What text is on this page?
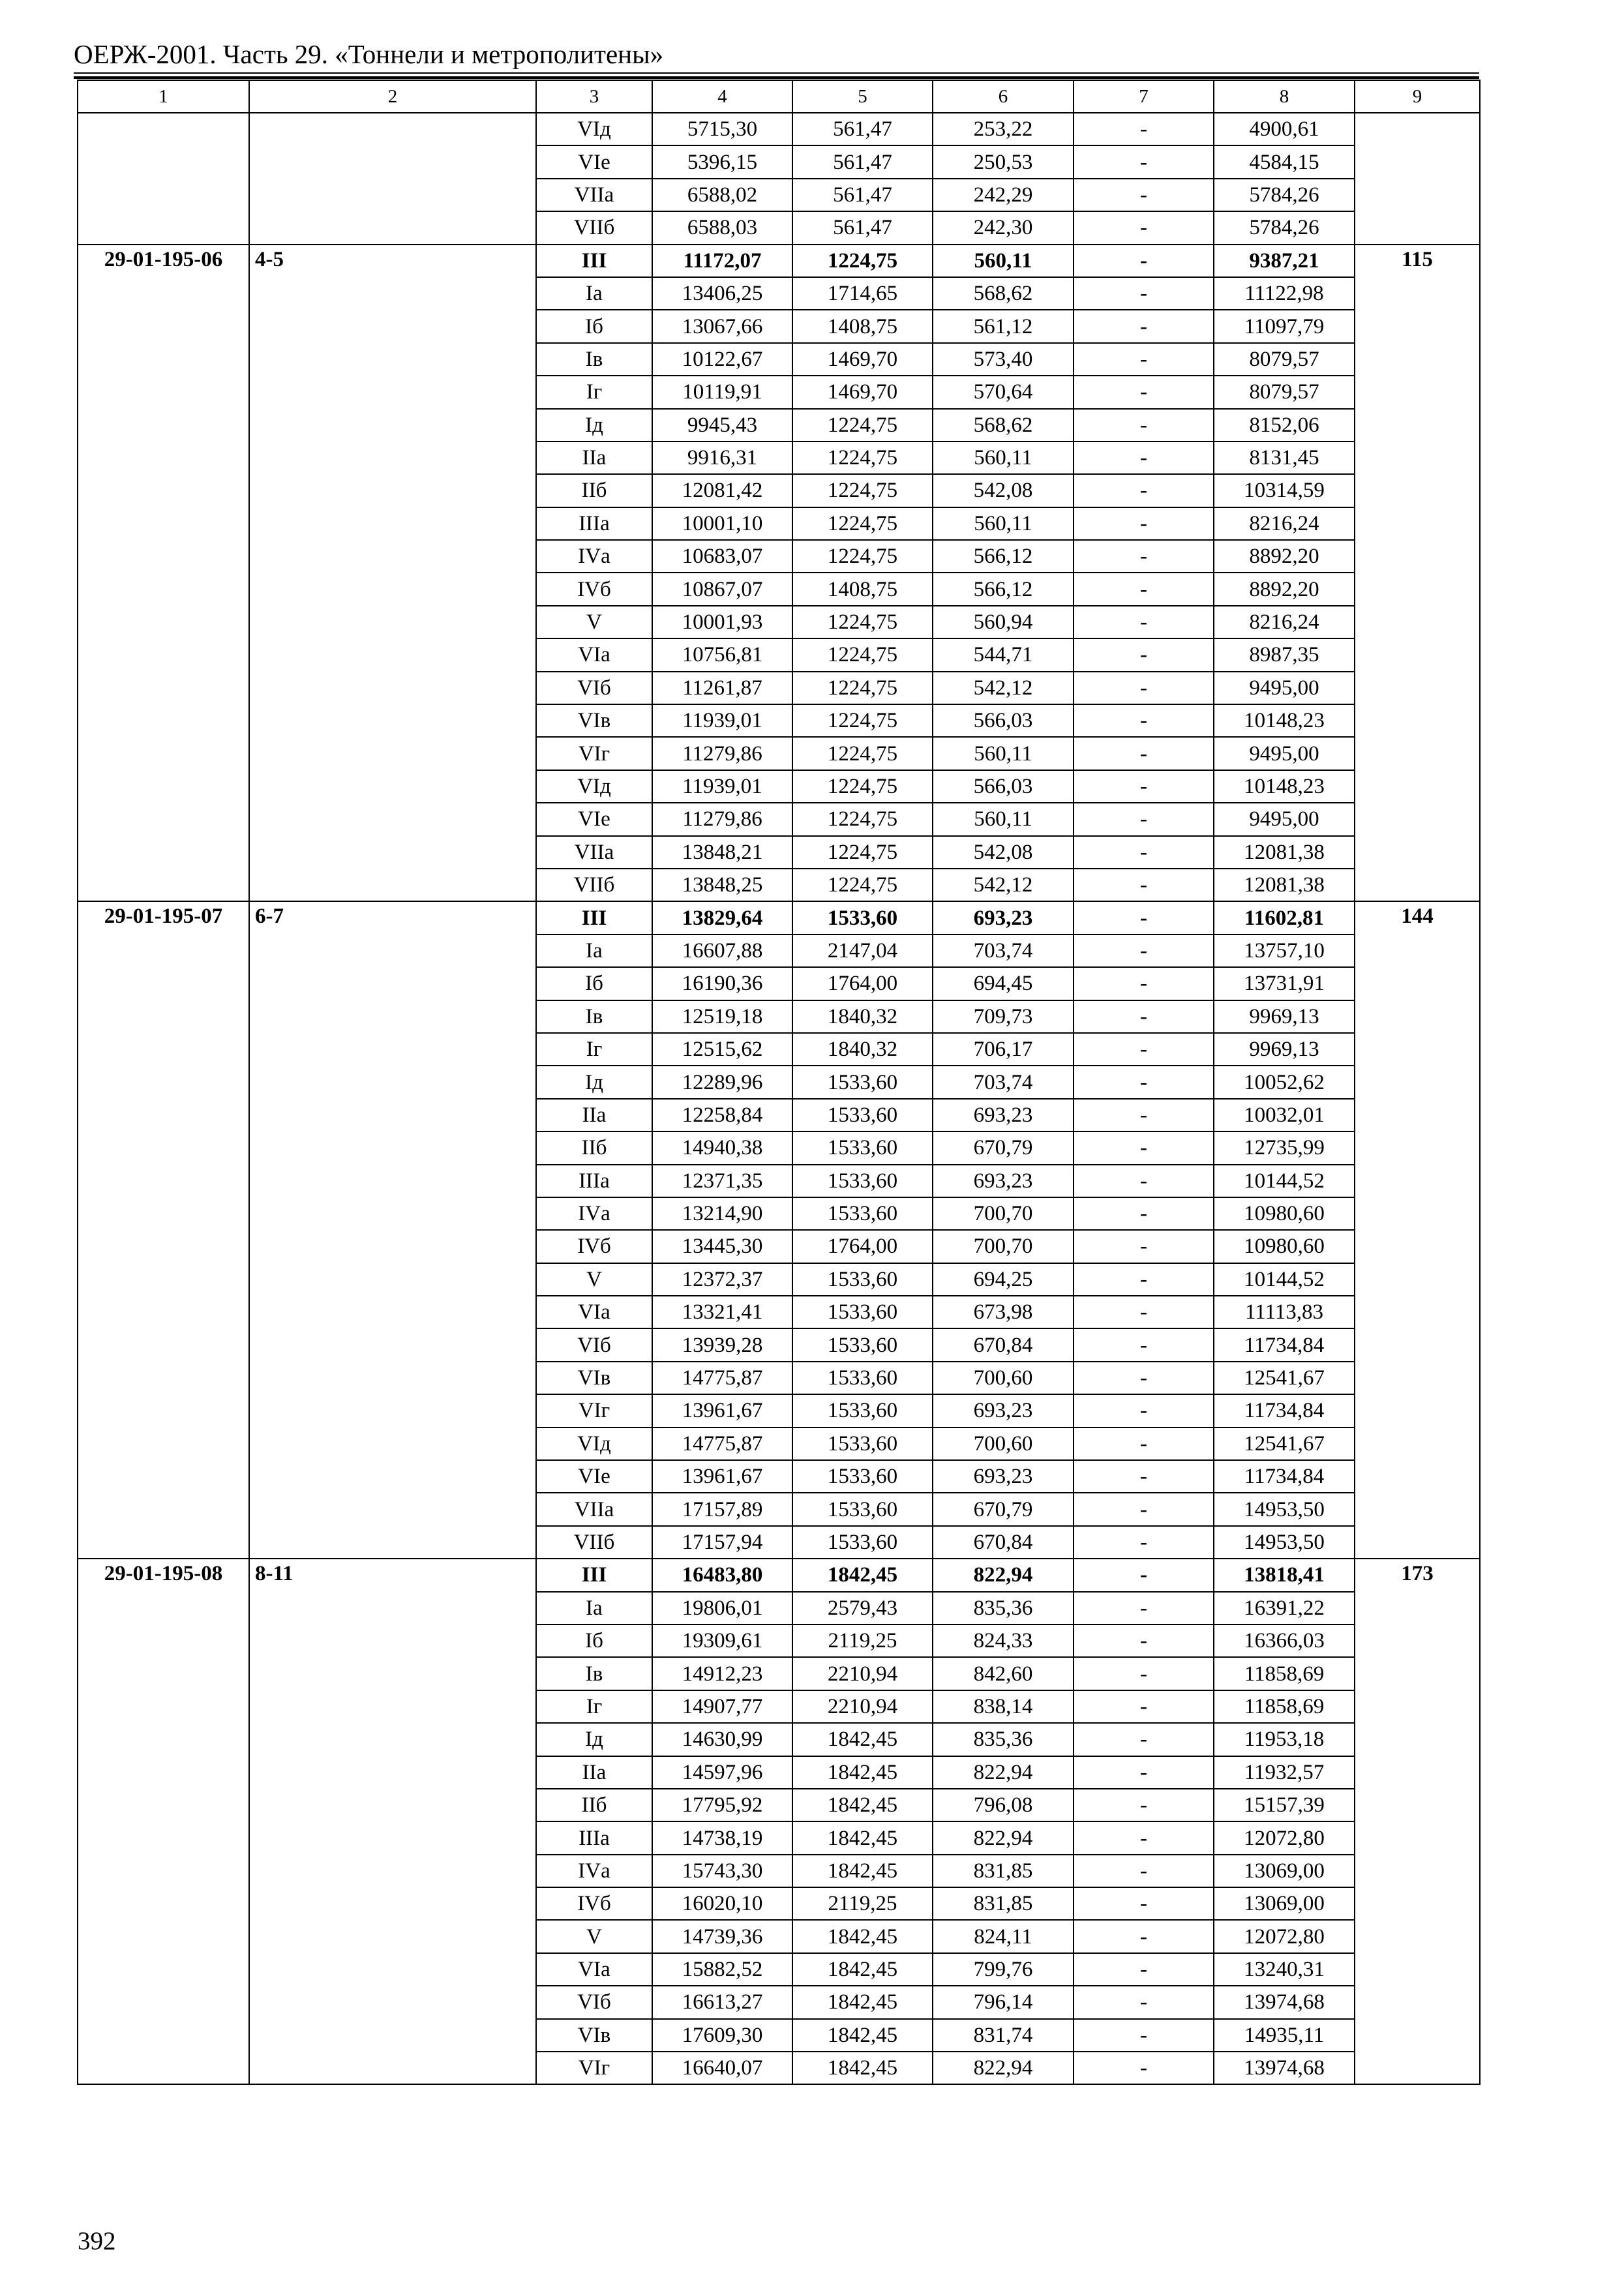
ОЕРЖ-2001. Часть 29. «Тоннели и метрополитены»
1	2	3	4	5	6	7	8	9
		VIд	5715,30	561,47	253,22	-	4900,61	
		VIе	5396,15	561,47	250,53	-	4584,15	
		VIIа	6588,02	561,47	242,29	-	5784,26	
		VIIб	6588,03	561,47	242,30	-	5784,26	
29-01-195-06	4-5	III	11172,07	1224,75	560,11	-	9387,21	115
		Iа	13406,25	1714,65	568,62	-	11122,98	
		Iб	13067,66	1408,75	561,12	-	11097,79	
		Iв	10122,67	1469,70	573,40	-	8079,57	
		Iг	10119,91	1469,70	570,64	-	8079,57	
		Iд	9945,43	1224,75	568,62	-	8152,06	
		IIа	9916,31	1224,75	560,11	-	8131,45	
		IIб	12081,42	1224,75	542,08	-	10314,59	
		IIIа	10001,10	1224,75	560,11	-	8216,24	
		IVа	10683,07	1224,75	566,12	-	8892,20	
		IVб	10867,07	1408,75	566,12	-	8892,20	
		V	10001,93	1224,75	560,94	-	8216,24	
		VIа	10756,81	1224,75	544,71	-	8987,35	
		VIб	11261,87	1224,75	542,12	-	9495,00	
		VIв	11939,01	1224,75	566,03	-	10148,23	
		VIг	11279,86	1224,75	560,11	-	9495,00	
		VIд	11939,01	1224,75	566,03	-	10148,23	
		VIе	11279,86	1224,75	560,11	-	9495,00	
		VIIа	13848,21	1224,75	542,08	-	12081,38	
		VIIб	13848,25	1224,75	542,12	-	12081,38	
29-01-195-07	6-7	III	13829,64	1533,60	693,23	-	11602,81	144
		Iа	16607,88	2147,04	703,74	-	13757,10	
		Iб	16190,36	1764,00	694,45	-	13731,91	
		Iв	12519,18	1840,32	709,73	-	9969,13	
		Iг	12515,62	1840,32	706,17	-	9969,13	
		Iд	12289,96	1533,60	703,74	-	10052,62	
		IIа	12258,84	1533,60	693,23	-	10032,01	
		IIб	14940,38	1533,60	670,79	-	12735,99	
		IIIа	12371,35	1533,60	693,23	-	10144,52	
		IVа	13214,90	1533,60	700,70	-	10980,60	
		IVб	13445,30	1764,00	700,70	-	10980,60	
		V	12372,37	1533,60	694,25	-	10144,52	
		VIа	13321,41	1533,60	673,98	-	11113,83	
		VIб	13939,28	1533,60	670,84	-	11734,84	
		VIв	14775,87	1533,60	700,60	-	12541,67	
		VIг	13961,67	1533,60	693,23	-	11734,84	
		VIд	14775,87	1533,60	700,60	-	12541,67	
		VIе	13961,67	1533,60	693,23	-	11734,84	
		VIIа	17157,89	1533,60	670,79	-	14953,50	
		VIIб	17157,94	1533,60	670,84	-	14953,50	
29-01-195-08	8-11	III	16483,80	1842,45	822,94	-	13818,41	173
		Iа	19806,01	2579,43	835,36	-	16391,22	
		Iб	19309,61	2119,25	824,33	-	16366,03	
		Iв	14912,23	2210,94	842,60	-	11858,69	
		Iг	14907,77	2210,94	838,14	-	11858,69	
		Iд	14630,99	1842,45	835,36	-	11953,18	
		IIа	14597,96	1842,45	822,94	-	11932,57	
		IIб	17795,92	1842,45	796,08	-	15157,39	
		IIIа	14738,19	1842,45	822,94	-	12072,80	
		IVа	15743,30	1842,45	831,85	-	13069,00	
		IVб	16020,10	2119,25	831,85	-	13069,00	
		V	14739,36	1842,45	824,11	-	12072,80	
		VIа	15882,52	1842,45	799,76	-	13240,31	
		VIб	16613,27	1842,45	796,14	-	13974,68	
		VIв	17609,30	1842,45	831,74	-	14935,11	
		VIг	16640,07	1842,45	822,94	-	13974,68	
392
